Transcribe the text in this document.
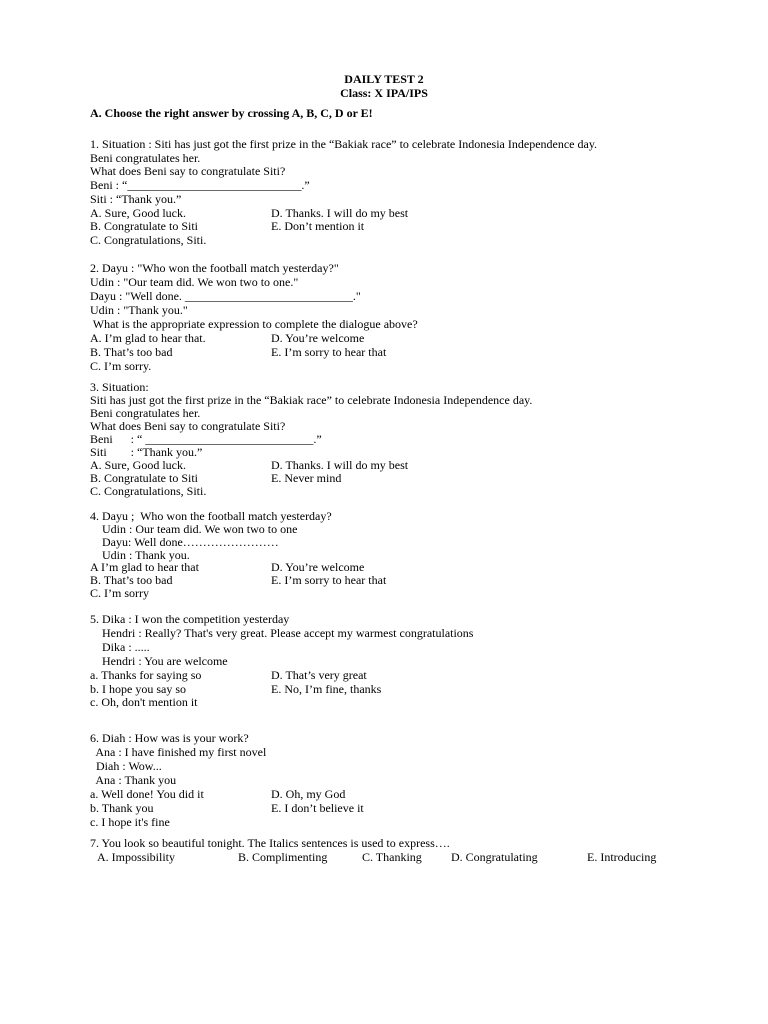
DAILY TEST 2
Class: X IPA/IPS
A. Choose the right answer by crossing A, B, C, D or E!
1. Situation : Siti has just got the first prize in the “Bakiak race” to celebrate Indonesia Independence day.
Beni congratulates her.
What does Beni say to congratulate Siti?
Beni : “_____________________________.”
Siti : “Thank you.”
A. Sure, Good luck.
B. Congratulate to Siti
C. Congratulations, Siti.
D. Thanks. I will do my best
E. Don’t mention it
2. Dayu : "Who won the football match yesterday?"
Udin : "Our team did. We won two to one."
Dayu : "Well done. ____________________________."
Udin : "Thank you."
What is the appropriate expression to complete the dialogue above?
A. I’m glad to hear that.
B. That’s too bad
C. I’m sorry.
D. You’re welcome
E. I’m sorry to hear that
3. Situation:
Siti has just got the first prize in the “Bakiak race” to celebrate Indonesia Independence day.
Beni congratulates her.
What does Beni say to congratulate Siti?
Beni      : “ ____________________________.”
Siti        : “Thank you.”
A. Sure, Good luck.
B. Congratulate to Siti
C. Congratulations, Siti.
D. Thanks. I will do my best
E. Never mind
4. Dayu ;  Who won the football match yesterday?
Udin : Our team did. We won two to one
Dayu: Well done……………………
Udin : Thank you.
A I’m glad to hear that
B. That’s too bad
C. I’m sorry
D. You’re welcome
E. I’m sorry to hear that
5. Dika : I won the competition yesterday
Hendri : Really? That's very great. Please accept my warmest congratulations
Dika : .....
Hendri : You are welcome
a. Thanks for saying so
b. I hope you say so
c. Oh, don't mention it
D. That’s very great
E. No, I’m fine, thanks
6. Diah : How was is your work?
Ana : I have finished my first novel
Diah : Wow...
Ana : Thank you
a. Well done! You did it
b. Thank you
c. I hope it's fine
D. Oh, my God
E. I don’t believe it
7. You look so beautiful tonight. The Italics sentences is used to express….
A. Impossibility	B. Complimenting	C. Thanking D. Congratulating	E. Introducing
